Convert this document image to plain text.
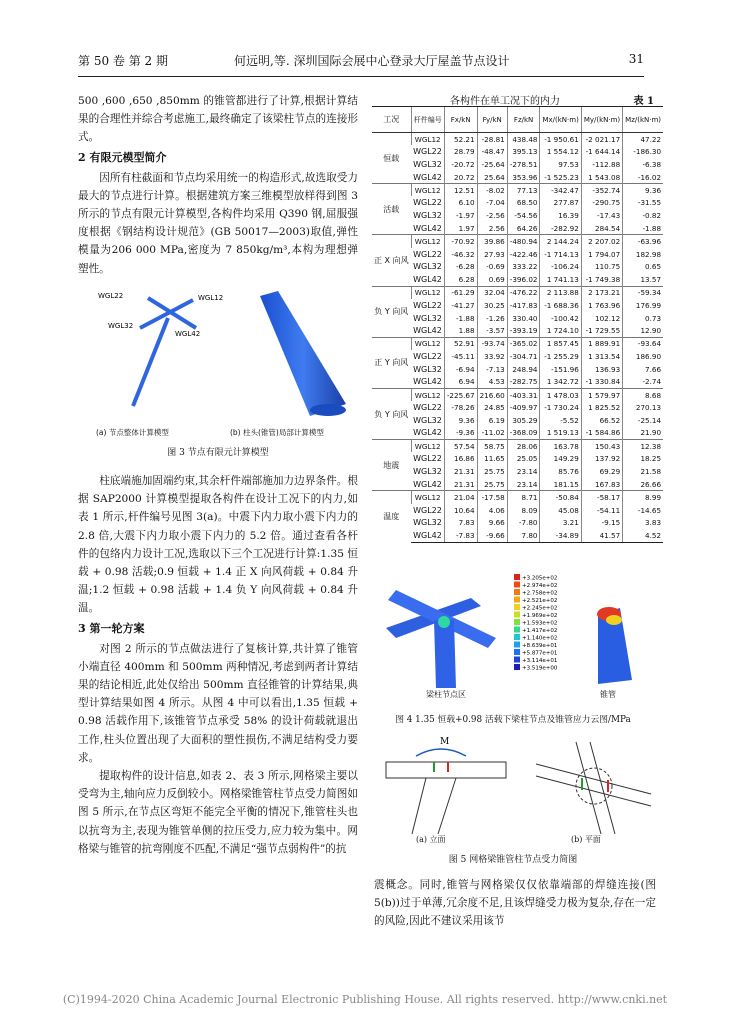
第 50 卷 第 2 期	何远明,等. 深圳国际会展中心登录大厅屋盖节点设计	31

500 ,600 ,650 ,850mm 的锥管都进行了计算,根据计算结果的合理性并综合考虑施工,最终确定了该梁柱节点的连接形式。

2 有限元模型简介

因所有柱截面和节点均采用统一的构造形式,故选取受力最大的节点进行计算。根据建筑方案三维模型放样得到图 3 所示的节点有限元计算模型,各构件均采用 Q390 钢,屈服强度根据《钢结构设计规范》(GB 50017—2003)取值,弹性模量为206 000 MPa,密度为 7 850kg/m³,本构为理想弹塑性。

WGL22	WGL12
WGL32
WGL42
(a) 节点整体计算模型	(b) 柱头(锥管)局部计算模型
图 3 节点有限元计算模型

柱底端施加固端约束,其余杆件端部施加力边界条件。根据 SAP2000 计算模型提取各构件在设计工况下的内力,如表 1 所示,杆件编号见图 3(a)。中震下内力取小震下内力的 2.8 倍,大震下内力取小震下内力的 5.2 倍。通过查看各杆件的包络内力设计工况,选取以下三个工况进行计算:1.35 恒载 + 0.98 活载;0.9 恒载 + 1.4 正 X 向风荷载 + 0.84 升温;1.2 恒载 + 0.98 活载 + 1.4 负 Y 向风荷载 + 0.84 升温。

3 第一轮方案

对图 2 所示的节点做法进行了复核计算,共计算了锥管小端直径 400mm 和 500mm 两种情况,考虑到两者计算结果的结论相近,此处仅给出 500mm 直径锥管的计算结果,典型计算结果如图 4 所示。从图 4 中可以看出,1.35 恒载 + 0.98 活载作用下,该锥管节点承受 58% 的设计荷载就退出工作,柱头位置出现了大面积的塑性损伤,不满足结构受力要求。

提取构件的设计信息,如表 2、表 3 所示,网格梁主要以受弯为主,轴向应力反倒较小。网格梁锥管柱节点受力简图如图 5 所示,在节点区弯矩不能完全平衡的情况下,锥管柱头也以抗弯为主,表现为锥管单侧的拉压受力,应力较为集中。网格梁与锥管的抗弯刚度不匹配,不满足“强节点弱构件”的抗

各构件在单工况下的内力	表 1
工况	杆件编号	Fx/kN	Fy/kN	Fz/kN	Mx/(kN·m)	My/(kN·m)	Mz/(kN·m)
恒载	WGL12	52.21	-28.81	438.48	-1 950.61	-2 021.17	47.22
	WGL22	28.79	-48.47	395.13	1 554.12	-1 644.14	-186.30
	WGL32	-20.72	-25.64	-278.51	97.53	-112.88	-6.38
	WGL42	20.72	25.64	353.96	-1 525.23	1 543.08	-16.02
活载	WGL12	12.51	-8.02	77.13	-342.47	-352.74	9.36
	WGL22	6.10	-7.04	68.50	277.87	-290.75	-31.55
	WGL32	-1.97	-2.56	-54.56	16.39	-17.43	-0.82
	WGL42	1.97	2.56	64.26	-282.92	284.54	-1.88
正 X 向风	WGL12	-70.92	39.86	-480.94	2 144.24	2 207.02	-63.96
	WGL22	-46.32	27.93	-422.46	-1 714.13	1 794.07	182.98
	WGL32	-6.28	-0.69	333.22	-106.24	110.75	0.65
	WGL42	6.28	0.69	-396.02	1 741.13	-1 749.38	13.57
负 Y 向风	WGL12	-61.29	32.04	-476.22	2 113.88	2 173.21	-59.34
	WGL22	-41.27	30.25	-417.83	-1 688.36	1 763.96	176.99
	WGL32	-1.88	-1.26	330.40	-100.42	102.12	0.73
	WGL42	1.88	-3.57	-393.19	1 724.10	-1 729.55	12.90
正 Y 向风	WGL12	52.91	-93.74	-365.02	1 857.45	1 889.91	-93.64
	WGL22	-45.11	33.92	-304.71	-1 255.29	1 313.54	186.90
	WGL32	-6.94	-7.13	248.94	-151.96	136.93	7.66
	WGL42	6.94	4.53	-282.75	1 342.72	-1 330.84	-2.74
负 Y 向风	WGL12	-225.67	216.60	-403.31	1 478.03	1 579.97	8.68
	WGL22	-78.26	24.85	-409.97	-1 730.24	1 825.52	270.13
	WGL32	9.36	6.19	305.29	-5.52	66.52	-25.14
	WGL42	-9.36	-11.02	-368.09	1 519.13	-1 584.86	21.90
地震	WGL12	57.54	58.75	28.06	163.78	150.43	12.38
	WGL22	16.86	11.65	25.05	149.29	137.92	18.25
	WGL32	21.31	25.75	23.14	85.76	69.29	21.58
	WGL42	21.31	25.75	23.14	181.15	167.83	26.66
温度	WGL12	21.04	-17.58	8.71	-50.84	-58.17	8.99
	WGL22	10.64	4.06	8.09	45.08	-54.11	-14.65
	WGL32	7.83	9.66	-7.80	3.21	-9.15	3.83
	WGL42	-7.83	-9.66	7.80	-34.89	41.57	4.52
+3.205e+02
+2.974e+02
+2.758e+02
+2.521e+02
+2.245e+02
+1.969e+02
+1.593e+02
+1.417e+02
+1.140e+02
+8.639e+01
+5.877e+01
+3.114e+01
+3.519e+00
梁柱节点区	锥管
图 4 1.35 恒载+0.98 活载下梁柱节点及锥管应力云图/MPa
M
(a) 立面	(b) 平面
图 5 网格梁锥管柱节点受力简图

震概念。同时,锥管与网格梁仅仅依靠端部的焊缝连接(图 5(b))过于单薄,冗余度不足,且该焊缝受力极为复杂,存在一定的风险,因此不建议采用该节

(C)1994-2020 China Academic Journal Electronic Publishing House. All rights reserved. http://www.cnki.net
